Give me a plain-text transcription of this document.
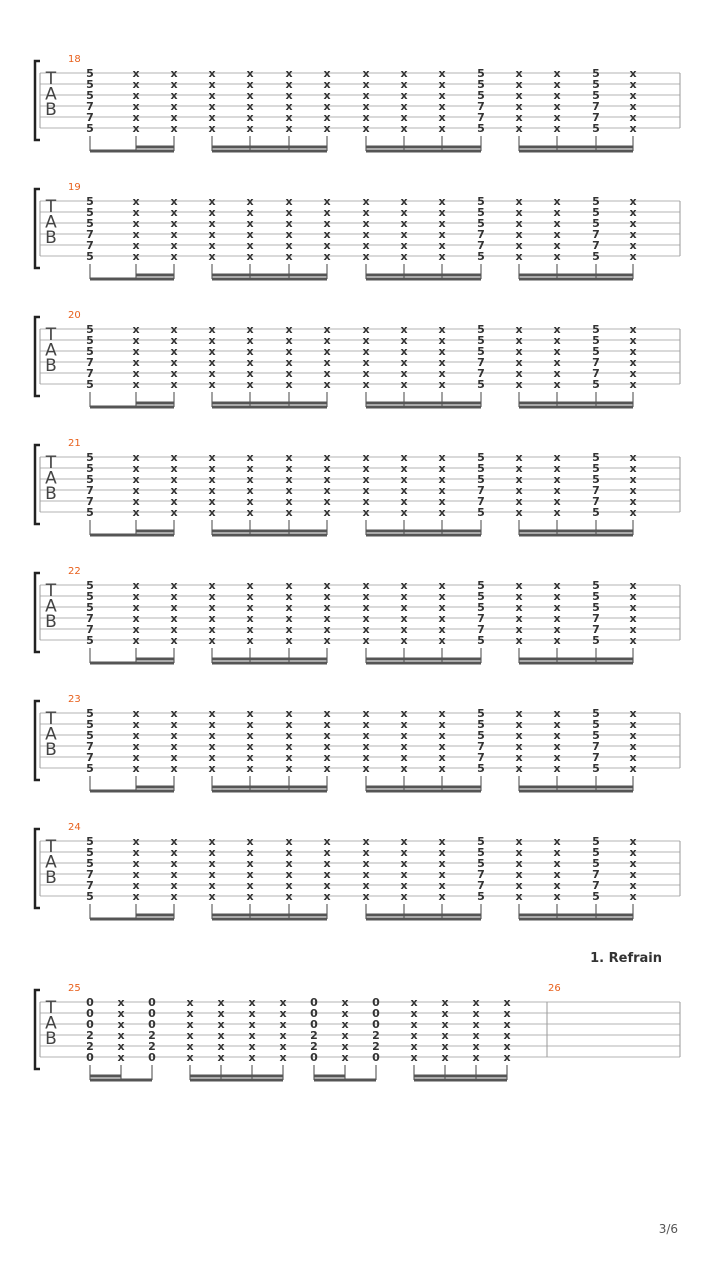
T
A
B
18
5
5
5
7
7
5
x
x
x
x
x
x
x
x
x
x
x
x
x
x
x
x
x
x
x
x
x
x
x
x
x
x
x
x
x
x
x
x
x
x
x
x
x
x
x
x
x
x
x
x
x
x
x
x
x
x
x
x
x
x
5
5
5
7
7
5
x
x
x
x
x
x
x
x
x
x
x
x
5
5
5
7
7
5
x
x
x
x
x
x
T
A
B
19
5
5
5
7
7
5
x
x
x
x
x
x
x
x
x
x
x
x
x
x
x
x
x
x
x
x
x
x
x
x
x
x
x
x
x
x
x
x
x
x
x
x
x
x
x
x
x
x
x
x
x
x
x
x
x
x
x
x
x
x
5
5
5
7
7
5
x
x
x
x
x
x
x
x
x
x
x
x
5
5
5
7
7
5
x
x
x
x
x
x
T
A
B
20
5
5
5
7
7
5
x
x
x
x
x
x
x
x
x
x
x
x
x
x
x
x
x
x
x
x
x
x
x
x
x
x
x
x
x
x
x
x
x
x
x
x
x
x
x
x
x
x
x
x
x
x
x
x
x
x
x
x
x
x
5
5
5
7
7
5
x
x
x
x
x
x
x
x
x
x
x
x
5
5
5
7
7
5
x
x
x
x
x
x
T
A
B
21
5
5
5
7
7
5
x
x
x
x
x
x
x
x
x
x
x
x
x
x
x
x
x
x
x
x
x
x
x
x
x
x
x
x
x
x
x
x
x
x
x
x
x
x
x
x
x
x
x
x
x
x
x
x
x
x
x
x
x
x
5
5
5
7
7
5
x
x
x
x
x
x
x
x
x
x
x
x
5
5
5
7
7
5
x
x
x
x
x
x
T
A
B
22
5
5
5
7
7
5
x
x
x
x
x
x
x
x
x
x
x
x
x
x
x
x
x
x
x
x
x
x
x
x
x
x
x
x
x
x
x
x
x
x
x
x
x
x
x
x
x
x
x
x
x
x
x
x
x
x
x
x
x
x
5
5
5
7
7
5
x
x
x
x
x
x
x
x
x
x
x
x
5
5
5
7
7
5
x
x
x
x
x
x
T
A
B
23
5
5
5
7
7
5
x
x
x
x
x
x
x
x
x
x
x
x
x
x
x
x
x
x
x
x
x
x
x
x
x
x
x
x
x
x
x
x
x
x
x
x
x
x
x
x
x
x
x
x
x
x
x
x
x
x
x
x
x
x
5
5
5
7
7
5
x
x
x
x
x
x
x
x
x
x
x
x
5
5
5
7
7
5
x
x
x
x
x
x
T
A
B
24
5
5
5
7
7
5
x
x
x
x
x
x
x
x
x
x
x
x
x
x
x
x
x
x
x
x
x
x
x
x
x
x
x
x
x
x
x
x
x
x
x
x
x
x
x
x
x
x
x
x
x
x
x
x
x
x
x
x
x
x
5
5
5
7
7
5
x
x
x
x
x
x
x
x
x
x
x
x
5
5
5
7
7
5
x
x
x
x
x
x
T
A
B
25	26
1. Refrain
0
0
0
2
2
0
x
x
x
x
x
x
0
0
0
2
2
0
x
x
x
x
x
x
x
x
x
x
x
x
x
x
x
x
x
x
x
x
x
x
x
x
0
0
0
2
2
0
x
x
x
x
x
x
0
0
0
2
2
0
x
x
x
x
x
x
x
x
x
x
x
x
x
x
x
x
x
x
x
x
x
x
x
x
3/6
